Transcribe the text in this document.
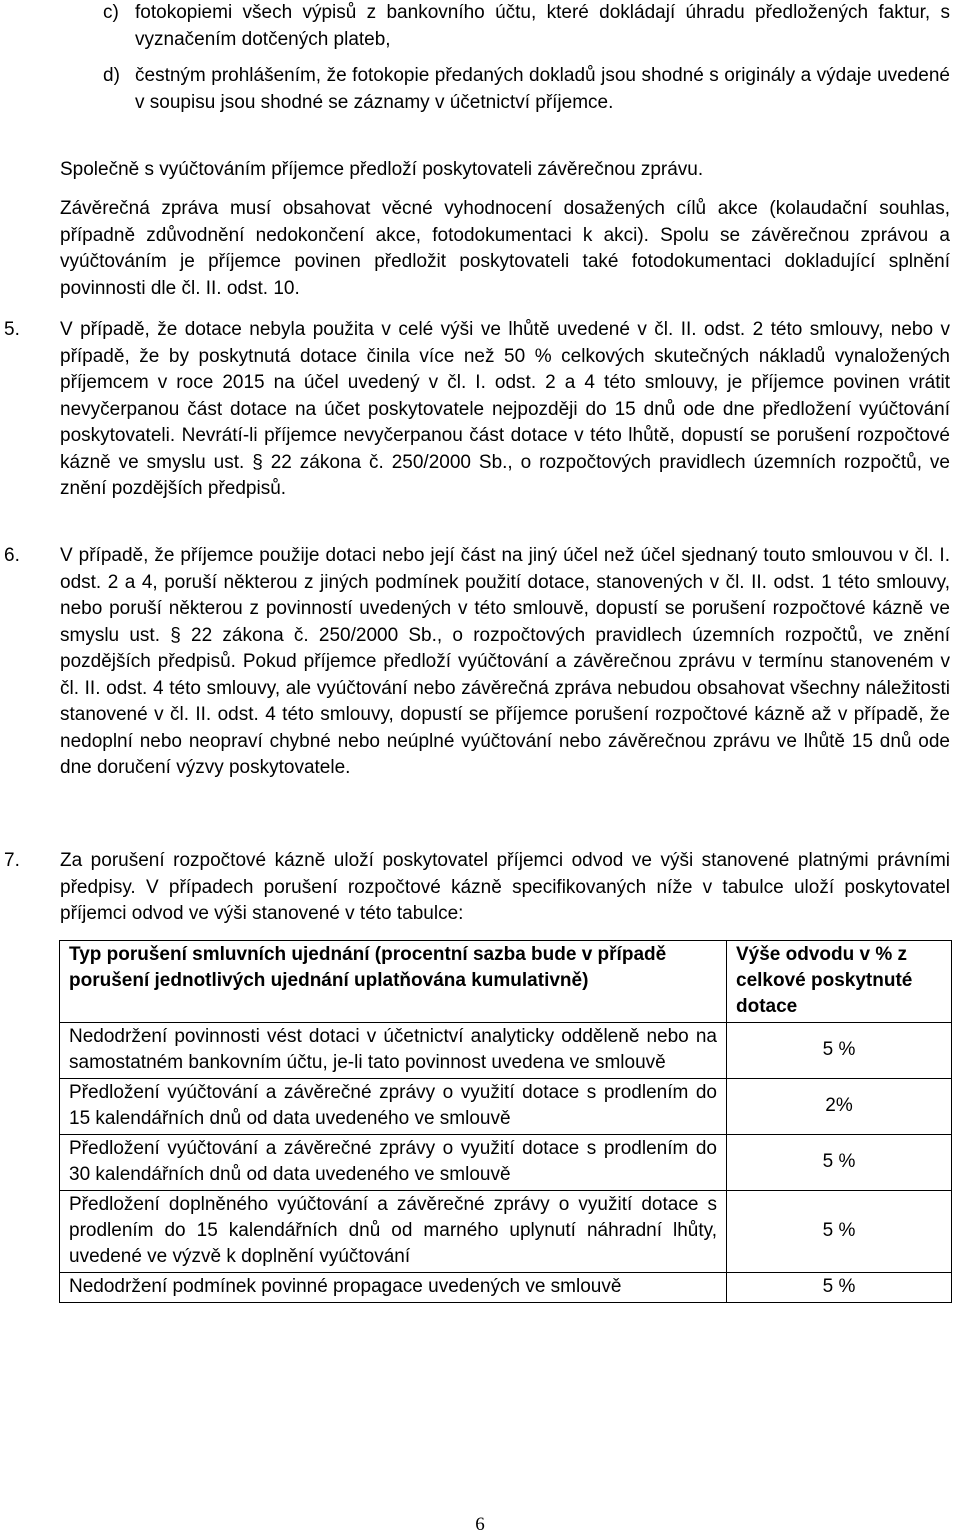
c) fotokopiemi všech výpisů z bankovního účtu, které dokládají úhradu předložených faktur, s vyznačením dotčených plateb,
d) čestným prohlášením, že fotokopie předaných dokladů jsou shodné s originály a výdaje uvedené v soupisu jsou shodné se záznamy v účetnictví příjemce.
Společně s vyúčtováním příjemce předloží poskytovateli závěrečnou zprávu.
Závěrečná zpráva musí obsahovat věcné vyhodnocení dosažených cílů akce (kolaudační souhlas, případně zdůvodnění nedokončení akce, fotodokumentaci k akci). Spolu se závěrečnou zprávou a vyúčtováním je příjemce povinen předložit poskytovateli také fotodokumentaci dokladující splnění povinnosti dle čl. II. odst. 10.
5. V případě, že dotace nebyla použita v celé výši ve lhůtě uvedené v čl. II. odst. 2 této smlouvy, nebo v případě, že by poskytnutá dotace činila více než 50 % celkových skutečných nákladů vynaložených příjemcem v roce 2015 na účel uvedený v čl. I. odst. 2 a 4 této smlouvy, je příjemce povinen vrátit nevyčerpanou část dotace na účet poskytovatele nejpozději do 15 dnů ode dne předložení vyúčtování poskytovateli. Nevrátí-li příjemce nevyčerpanou část dotace v této lhůtě, dopustí se porušení rozpočtové kázně ve smyslu ust. § 22 zákona č. 250/2000 Sb., o rozpočtových pravidlech územních rozpočtů, ve znění pozdějších předpisů.
6. V případě, že příjemce použije dotaci nebo její část na jiný účel než účel sjednaný touto smlouvou v čl. I. odst. 2 a 4, poruší některou z jiných podmínek použití dotace, stanovených v čl. II. odst. 1 této smlouvy, nebo poruší některou z povinností uvedených v této smlouvě, dopustí se porušení rozpočtové kázně ve smyslu ust. § 22 zákona č. 250/2000 Sb., o rozpočtových pravidlech územních rozpočtů, ve znění pozdějších předpisů. Pokud příjemce předloží vyúčtování a závěrečnou zprávu v termínu stanoveném v čl. II. odst. 4 této smlouvy, ale vyúčtování nebo závěrečná zpráva nebudou obsahovat všechny náležitosti stanovené v čl. II. odst. 4 této smlouvy, dopustí se příjemce porušení rozpočtové kázně až v případě, že nedoplní nebo neopraví chybné nebo neúplné vyúčtování nebo závěrečnou zprávu ve lhůtě 15 dnů ode dne doručení výzvy poskytovatele.
7. Za porušení rozpočtové kázně uloží poskytovatel příjemci odvod ve výši stanovené platnými právními předpisy. V případech porušení rozpočtové kázně specifikovaných níže v tabulce uloží poskytovatel příjemci odvod ve výši stanovené v této tabulce:
Typ porušení smluvních ujednání (procentní sazba bude v případě porušení jednotlivých ujednání uplatňována kumulativně)	Výše odvodu v % z celkové poskytnuté dotace
Nedodržení povinnosti vést dotaci v účetnictví analyticky odděleně nebo na samostatném bankovním účtu, je-li tato povinnost uvedena ve smlouvě	5 %
Předložení vyúčtování a závěrečné zprávy o využití dotace s prodlením do 15 kalendářních dnů od data uvedeného ve smlouvě	2%
Předložení vyúčtování a závěrečné zprávy o využití dotace s prodlením do 30 kalendářních dnů od data uvedeného ve smlouvě	5 %
Předložení doplněného vyúčtování a závěrečné zprávy o využití dotace s prodlením do 15 kalendářních dnů od marného uplynutí náhradní lhůty, uvedené ve výzvě k doplnění vyúčtování	5 %
Nedodržení podmínek povinné propagace uvedených ve smlouvě	5 %
6
